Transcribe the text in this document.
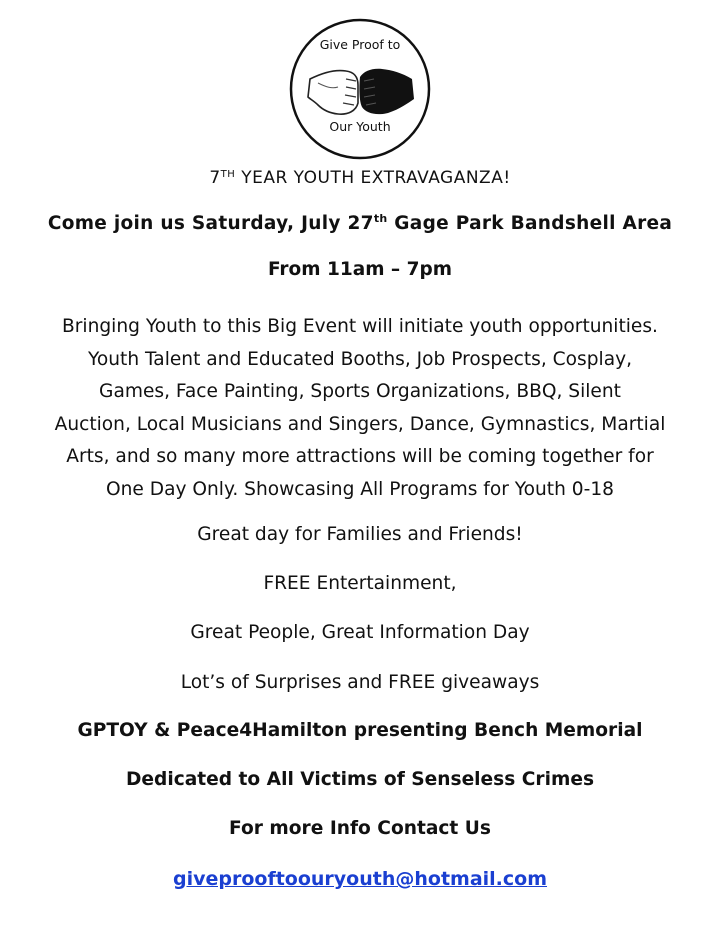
Give Proof to
Our Youth
7TH YEAR YOUTH EXTRAVAGANZA!
Come join us Saturday, July 27th Gage Park Bandshell Area
From 11am – 7pm
Bringing Youth to this Big Event will initiate youth opportunities.
Youth Talent and Educated Booths, Job Prospects, Cosplay,
Games, Face Painting, Sports Organizations, BBQ, Silent
Auction, Local Musicians and Singers, Dance, Gymnastics, Martial
Arts, and so many more attractions will be coming together for
One Day Only. Showcasing All Programs for Youth 0-18
Great day for Families and Friends!
FREE Entertainment,
Great People, Great Information Day
Lot’s of Surprises and FREE giveaways
GPTOY & Peace4Hamilton presenting Bench Memorial
Dedicated to All Victims of Senseless Crimes
For more Info Contact Us
giveprooftoouryouth@hotmail.com
